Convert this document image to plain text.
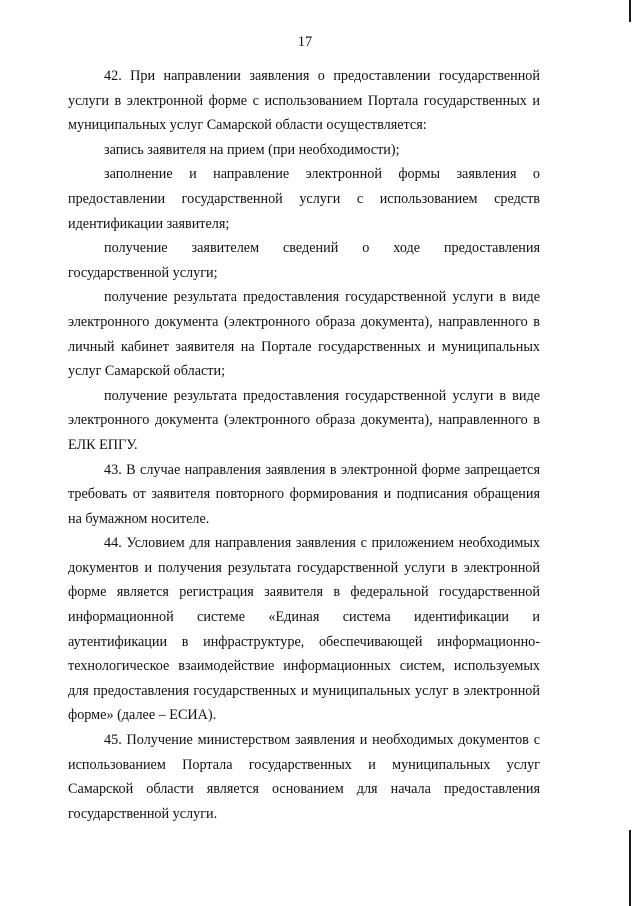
17

42. При направлении заявления о предоставлении государственной услуги в электронной форме с использованием Портала государственных и муниципальных услуг Самарской области осуществляется:

запись заявителя на прием (при необходимости);

заполнение и направление электронной формы заявления о предоставлении государственной услуги с использованием средств идентификации заявителя;

получение заявителем сведений о ходе предоставления государственной услуги;

получение результата предоставления государственной услуги в виде электронного документа (электронного образа документа), направленного в личный кабинет заявителя на Портале государственных и муниципальных услуг Самарской области;

получение результата предоставления государственной услуги в виде электронного документа (электронного образа документа), направленного в ЕЛК ЕПГУ.

43. В случае направления заявления в электронной форме запрещается требовать от заявителя повторного формирования и подписания обращения на бумажном носителе.

44. Условием для направления заявления с приложением необходимых документов и получения результата государственной услуги в электронной форме является регистрация заявителя в федеральной государственной информационной системе «Единая система идентификации и аутентификации в инфраструктуре, обеспечивающей информационно-технологическое взаимодействие информационных систем, используемых для предоставления государственных и муниципальных услуг в электронной форме» (далее – ЕСИА).

45. Получение министерством заявления и необходимых документов с использованием Портала государственных и муниципальных услуг Самарской области является основанием для начала предоставления государственной услуги.
